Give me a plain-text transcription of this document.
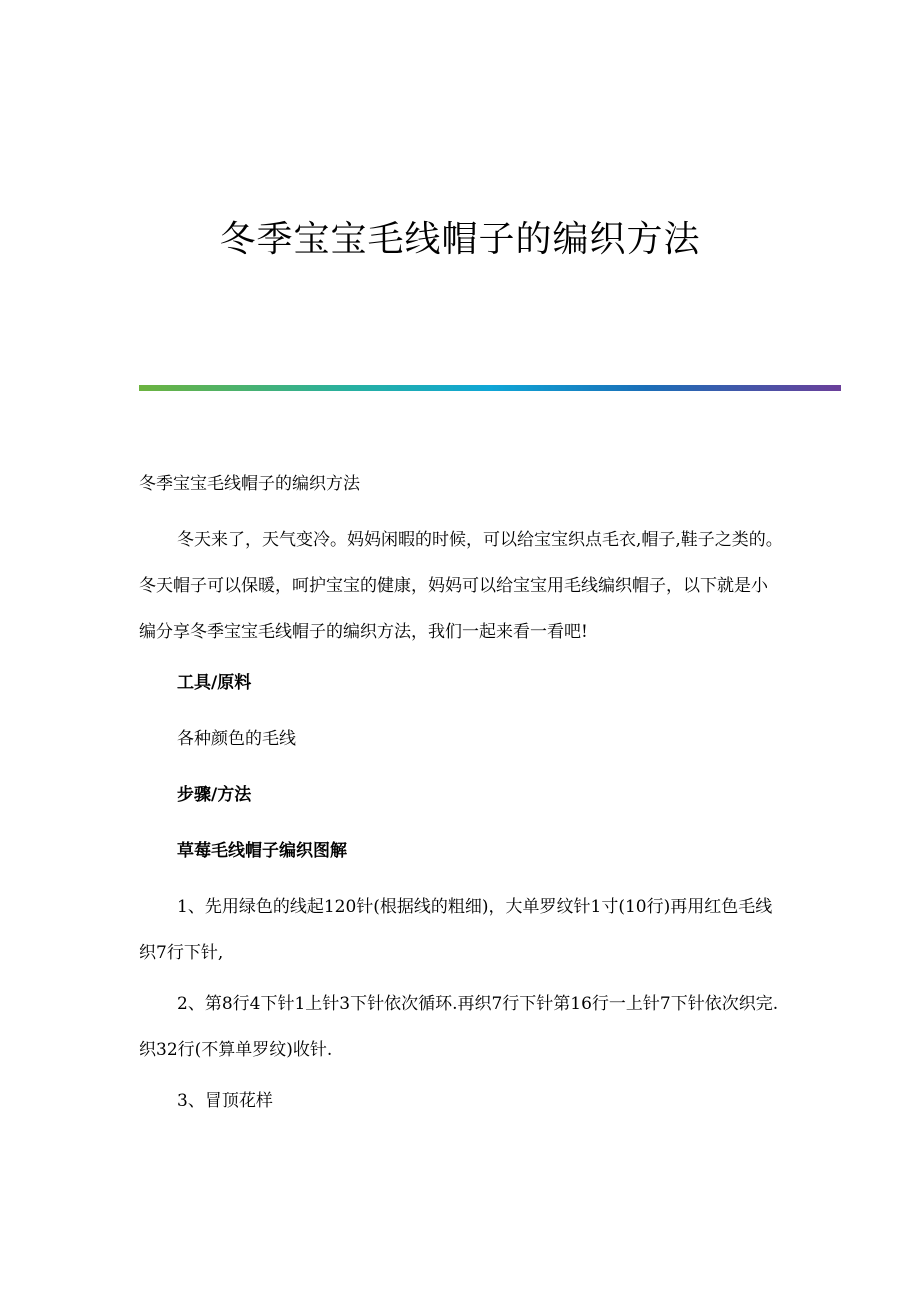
冬季宝宝毛线帽子的编织方法

冬季宝宝毛线帽子的编织方法

冬天来了，天气变冷。妈妈闲暇的时候，可以给宝宝织点毛衣,帽子,鞋子之类的。冬天帽子可以保暖，呵护宝宝的健康，妈妈可以给宝宝用毛线编织帽子，以下就是小编分享冬季宝宝毛线帽子的编织方法，我们一起来看一看吧!

工具/原料

各种颜色的毛线

步骤/方法

草莓毛线帽子编织图解

1、先用绿色的线起120针(根据线的粗细)，大单罗纹针1寸(10行)再用红色毛线织7行下针,

2、第8行4下针1上针3下针依次循环.再织7行下针第16行一上针7下针依次织完.织32行(不算单罗纹)收针.

3、冒顶花样
